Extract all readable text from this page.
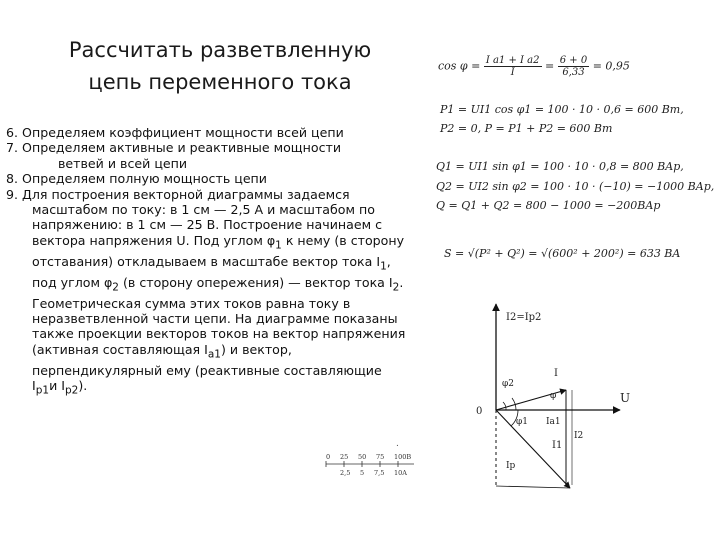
Рассчитать разветвленную
цепь переменного тока
6. Определяем коэффициент мощности всей цепи
7. Определяем активные и реактивные мощности
ветвей и всей цепи
8. Определяем полную мощность цепи
9. Для построения векторной диаграммы задаемся масштабом по току: в 1 см — 2,5 А и масштабом по напряжению: в 1 см — 25 В. Построение начинаем с вектора напряжения U. Под углом $\varphi_1$ к нему (в сторону отставания) откладываем в масштабе вектор тока $I_1$, под углом $\varphi_2$ (в сторону опережения) — вектор тока $I_2$. Геометрическая сумма этих токов равна току в неразветвленной части цепи. На диаграмме показаны также проекции векторов токов на вектор напряжения (активная составляющая $I_{а1}$) и вектор, перпендикулярный ему (реактивные составляющие $I_{р1}и$ $I_{р2}$).
$\cos \varphi = \frac{\text{I a1 + I a2}}{I} = \frac{6 + 0}{6,33} = 0,95$
P1 = UI1 cos φ1 = 100 · 10 · 0,6 = 600 Bm,
P2 = 0, P = P1 + P2 = 600 Bm
Q1 = UI1 sin φ1 = 100 · 10 · 0,8 = 800 BAp,
Q2 = UI2 sin φ2 = 100 · 10 · (−10) = −1000 BAp,
Q = Q1 + Q2 = 800 − 1000 = −200BAp
S = √(P² + Q²) = √(600² + 200²) = 633 BA
.
0 25 50 75 100B
2,5 5 7,5 10A
I2=Ip2
U
0
I
I1
φ2
φ
φ1 Ia1
Ip
I2
